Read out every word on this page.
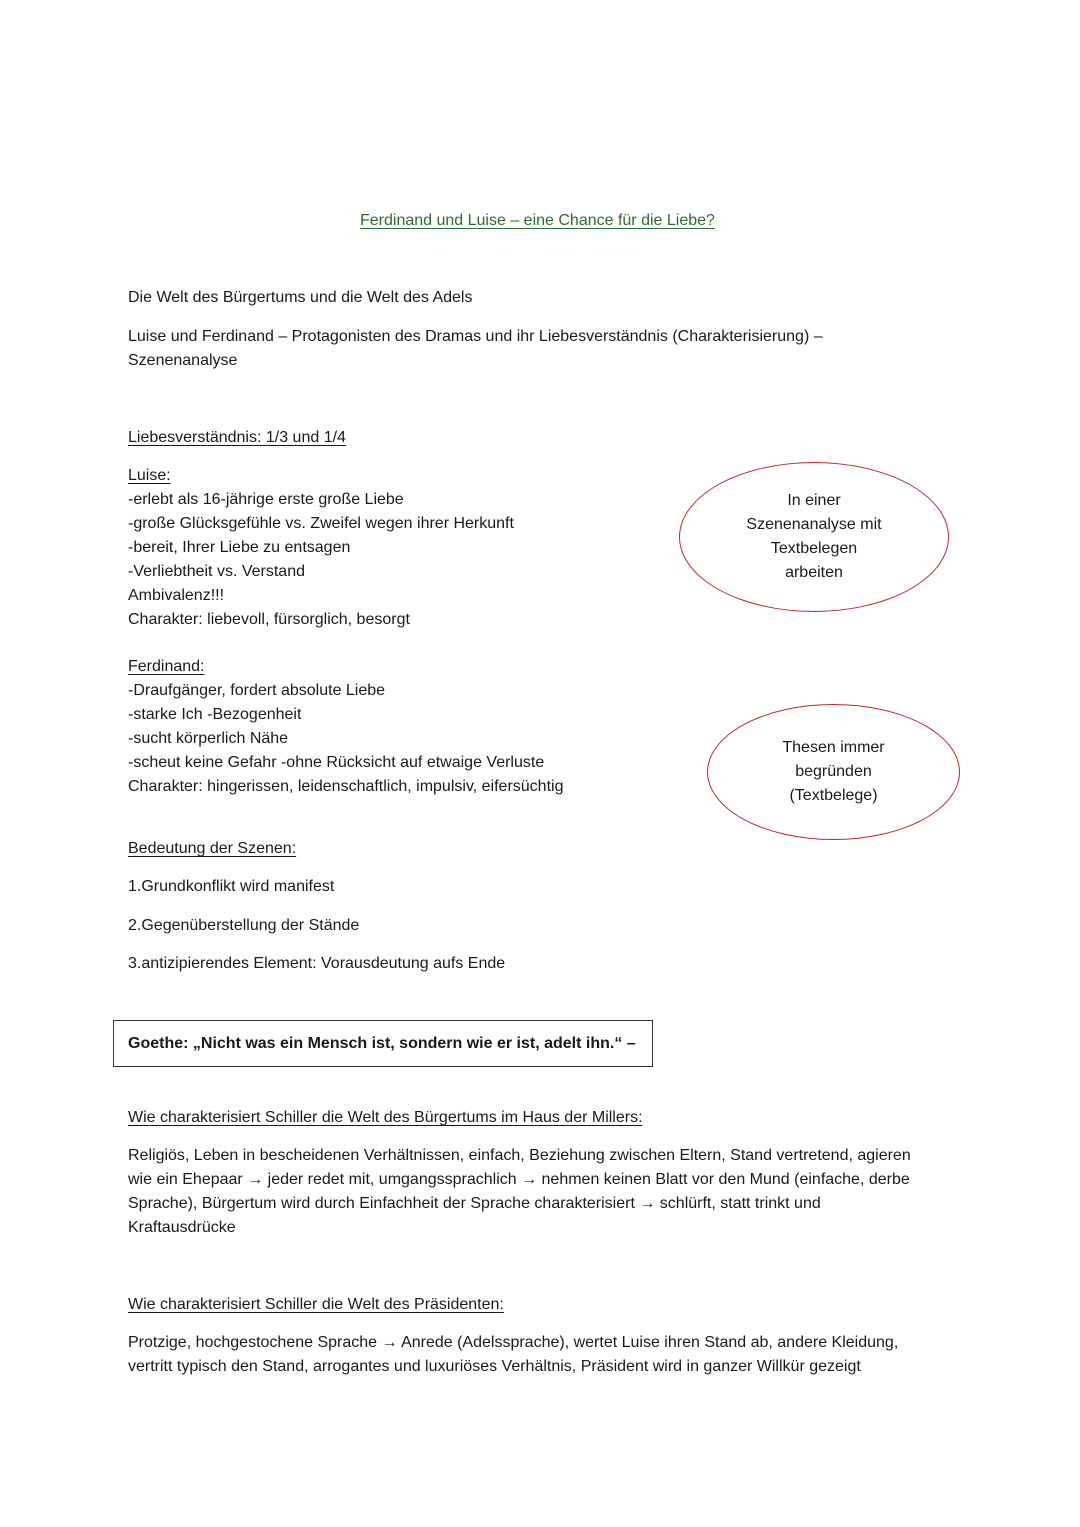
Ferdinand und Luise – eine Chance für die Liebe?
Die Welt des Bürgertums und die Welt des Adels
Luise und Ferdinand – Protagonisten des Dramas und ihr Liebesverständnis (Charakterisierung) –
Szenenanalyse
Liebesverständnis: 1/3 und 1/4
Luise:
-erlebt als 16-jährige erste große Liebe
-große Glücksgefühle vs. Zweifel wegen ihrer Herkunft
-bereit, Ihrer Liebe zu entsagen
-Verliebtheit vs. Verstand
Ambivalenz!!!
Charakter: liebevoll, fürsorglich, besorgt
Ferdinand:
-Draufgänger, fordert absolute Liebe
-starke Ich -Bezogenheit
-sucht körperlich Nähe
-scheut keine Gefahr -ohne Rücksicht auf etwaige Verluste
Charakter: hingerissen, leidenschaftlich, impulsiv, eifersüchtig
In einer
Szenenanalyse mit
Textbelegen
arbeiten
Thesen immer
begründen
(Textbelege)
Bedeutung der Szenen:
1.Grundkonflikt wird manifest
2.Gegenüberstellung der Stände
3.antizipierendes Element: Vorausdeutung aufs Ende
Goethe: „Nicht was ein Mensch ist, sondern wie er ist, adelt ihn.“ –
Wie charakterisiert Schiller die Welt des Bürgertums im Haus der Millers:
Religiös, Leben in bescheidenen Verhältnissen, einfach, Beziehung zwischen Eltern, Stand vertretend, agieren
wie ein Ehepaar → jeder redet mit, umgangssprachlich → nehmen keinen Blatt vor den Mund (einfache, derbe
Sprache), Bürgertum wird durch Einfachheit der Sprache charakterisiert → schlürft, statt trinkt und
Kraftausdrücke
Wie charakterisiert Schiller die Welt des Präsidenten:
Protzige, hochgestochene Sprache → Anrede (Adelssprache), wertet Luise ihren Stand ab, andere Kleidung,
vertritt typisch den Stand, arrogantes und luxuriöses Verhältnis, Präsident wird in ganzer Willkür gezeigt
